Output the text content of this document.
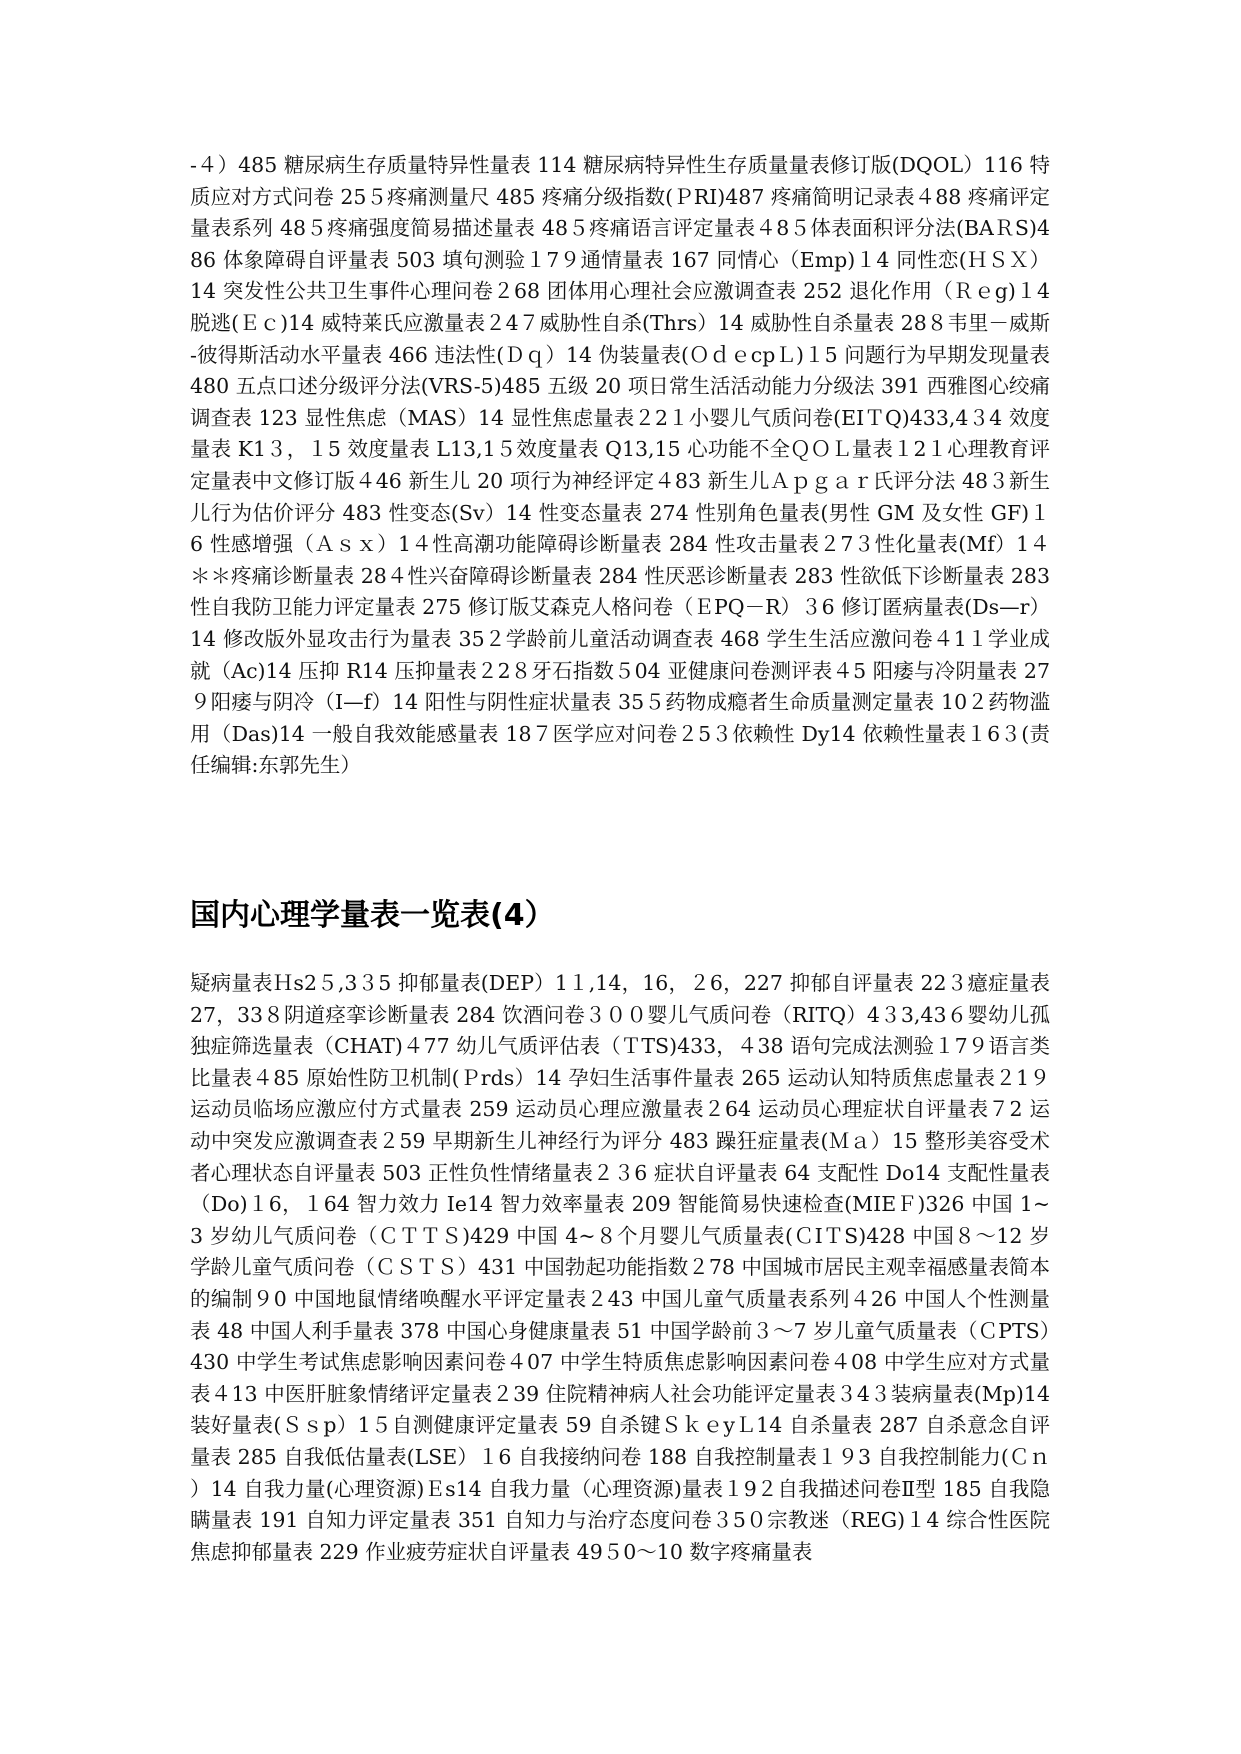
-４）485 糖尿病生存质量特异性量表 114 糖尿病特异性生存质量量表修订版(DQOL）116 特质应对方式问卷 25５疼痛测量尺 485 疼痛分级指数(ＰRI)487 疼痛简明记录表４88 疼痛评定量表系列 48５疼痛强度简易描述量表 48５疼痛语言评定量表４8５体表面积评分法(BAＲS)486 体象障碍自评量表 503 填句测验１7９通情量表 167 同情心（Emp)１4 同性恋(ＨＳＸ）14 突发性公共卫生事件心理问卷２68 团体用心理社会应激调查表 252 退化作用（Ｒｅg)１4 脱逃(Ｅｃ)14 威特莱氏应激量表２4７威胁性自杀(Thrs）14 威胁性自杀量表 28８韦里－威斯-彼得斯活动水平量表 466 违法性(Ｄｑ）14 伪装量表(ＯｄｅcpＬ)１5 问题行为早期发现量表 480 五点口述分级评分法(VRS-5)485 五级 20 项日常生活活动能力分级法 391 西雅图心绞痛调查表 123 显性焦虑（MAS）14 显性焦虑量表２2１小婴儿气质问卷(EIＴQ)433,4３4 效度量表 K1３，１5 效度量表 L13,1５效度量表 Q13,15 心功能不全ＱＯＬ量表１2１心理教育评定量表中文修订版４46 新生儿 20 项行为神经评定４83 新生儿Ａｐｇａｒ氏评分法 48３新生儿行为估价评分 483 性变态(Sv）14 性变态量表 274 性别角色量表(男性 GM 及女性 GF)１6 性感增强（Ａｓｘ）1４性高潮功能障碍诊断量表 284 性攻击量表２7３性化量表(Mf）1４＊＊疼痛诊断量表 28４性兴奋障碍诊断量表 284 性厌恶诊断量表 283 性欲低下诊断量表 283 性自我防卫能力评定量表 275 修订版艾森克人格问卷（ＥPQ－R）３6 修订匿病量表(Ds—r）14 修改版外显攻击行为量表 35２学龄前儿童活动调查表 468 学生生活应激问卷４1１学业成就（Ac)14 压抑 R14 压抑量表２2８牙石指数５04 亚健康问卷测评表４5 阳痿与冷阴量表 27９阳痿与阴冷（I—f）14 阳性与阴性症状量表 35５药物成瘾者生命质量测定量表 10２药物滥用（Das)14 一般自我效能感量表 18７医学应对问卷２5３依赖性 Dy14 依赖性量表１6３(责任编辑:东郭先生）

国内心理学量表一览表(4）

疑病量表Ｈs2５,3３5 抑郁量表(DEP）1１,14，16，２6，227 抑郁自评量表 22３癔症量表 27，33８阴道痉挛诊断量表 284 饮酒问卷３００婴儿气质问卷（RITQ）4３3,43６婴幼儿孤独症筛选量表（CHAT)４77 幼儿气质评估表（ＴTS)433，４38 语句完成法测验１7９语言类比量表４85 原始性防卫机制(Ｐrds）14 孕妇生活事件量表 265 运动认知特质焦虑量表２1９运动员临场应激应付方式量表 259 运动员心理应激量表２64 运动员心理症状自评量表７2 运动中突发应激调查表２59 早期新生儿神经行为评分 483 躁狂症量表(Ｍａ）15 整形美容受术者心理状态自评量表 503 正性负性情绪量表２３6 症状自评量表 64 支配性 Do14 支配性量表（Do)１6，１64 智力效力 Ie14 智力效率量表 209 智能简易快速检查(MIEＦ)326 中国 1~3 岁幼儿气质问卷（ＣＴＴＳ)429 中国 4~８个月婴儿气质量表(ＣIＴS)428 中国８～12 岁学龄儿童气质问卷（ＣＳＴＳ）431 中国勃起功能指数２78 中国城市居民主观幸福感量表简本的编制９0 中国地鼠情绪唤醒水平评定量表２43 中国儿童气质量表系列４26 中国人个性测量表 48 中国人利手量表 378 中国心身健康量表 51 中国学龄前３～7 岁儿童气质量表（ＣPTS）430 中学生考试焦虑影响因素问卷４07 中学生特质焦虑影响因素问卷４08 中学生应对方式量表４13 中医肝脏象情绪评定量表２39 住院精神病人社会功能评定量表３4３装病量表(Mp)14 装好量表(Ｓｓp）1５自测健康评定量表 59 自杀键ＳｋｅyＬ14 自杀量表 287 自杀意念自评量表 285 自我低估量表(LSE）１6 自我接纳问卷 188 自我控制量表１９3 自我控制能力(Ｃｎ）14 自我力量(心理资源)Ｅs14 自我力量（心理资源)量表１9２自我描述问卷Ⅱ型 185 自我隐瞒量表 191 自知力评定量表 351 自知力与治疗态度问卷３5０宗教迷（REG)１4 综合性医院焦虑抑郁量表 229 作业疲劳症状自评量表 49５0～10 数字疼痛量表
